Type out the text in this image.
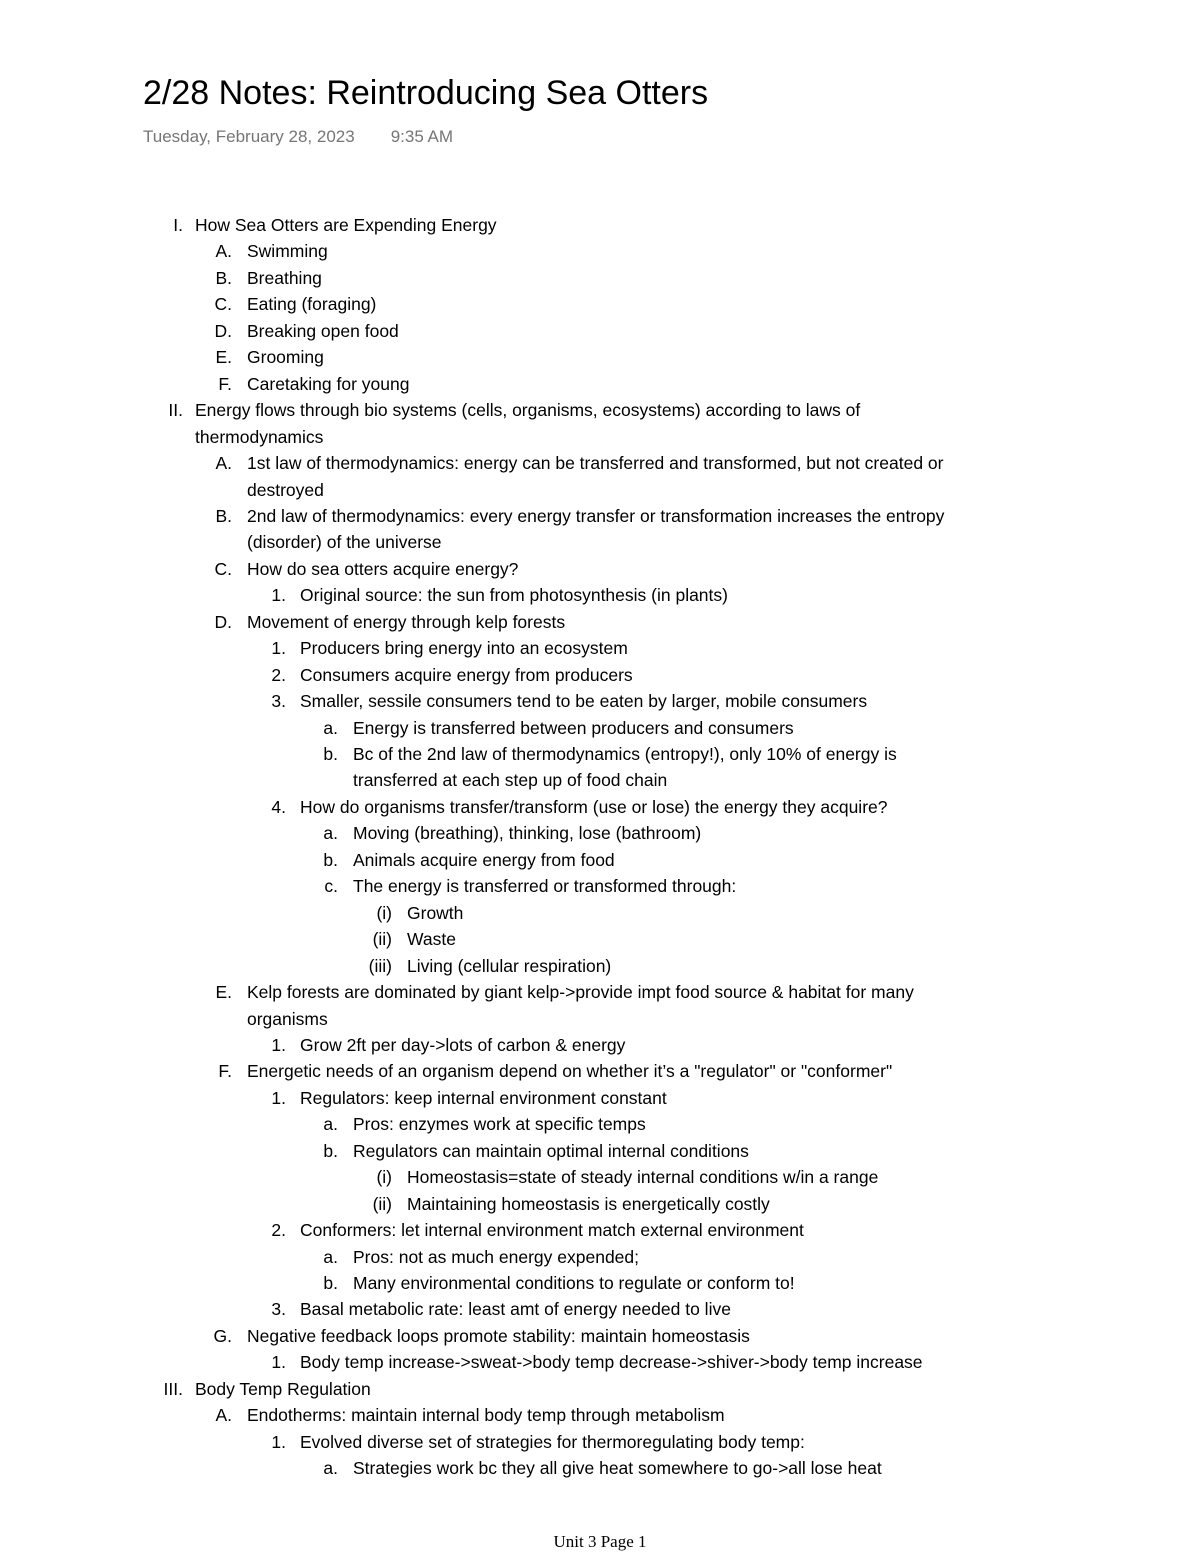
2/28 Notes: Reintroducing Sea Otters
Tuesday, February 28, 2023 9:35 AM
I. How Sea Otters are Expending Energy
A. Swimming
B. Breathing
C. Eating (foraging)
D. Breaking open food
E. Grooming
F. Caretaking for young
II. Energy flows through bio systems (cells, organisms, ecosystems) according to laws of
thermodynamics
A. 1st law of thermodynamics: energy can be transferred and transformed, but not created or
destroyed
B. 2nd law of thermodynamics: every energy transfer or transformation increases the entropy
(disorder) of the universe
C. How do sea otters acquire energy?
1. Original source: the sun from photosynthesis (in plants)
D. Movement of energy through kelp forests
1. Producers bring energy into an ecosystem
2. Consumers acquire energy from producers
3. Smaller, sessile consumers tend to be eaten by larger, mobile consumers
a. Energy is transferred between producers and consumers
b. Bc of the 2nd law of thermodynamics (entropy!), only 10% of energy is
transferred at each step up of food chain
4. How do organisms transfer/transform (use or lose) the energy they acquire?
a. Moving (breathing), thinking, lose (bathroom)
b. Animals acquire energy from food
c. The energy is transferred or transformed through:
(i) Growth
(ii) Waste
(iii) Living (cellular respiration)
E. Kelp forests are dominated by giant kelp->provide impt food source & habitat for many
organisms
1. Grow 2ft per day->lots of carbon & energy
F. Energetic needs of an organism depend on whether it’s a "regulator" or "conformer"
1. Regulators: keep internal environment constant
a. Pros: enzymes work at specific temps
b. Regulators can maintain optimal internal conditions
(i) Homeostasis=state of steady internal conditions w/in a range
(ii) Maintaining homeostasis is energetically costly
2. Conformers: let internal environment match external environment
a. Pros: not as much energy expended;
b. Many environmental conditions to regulate or conform to!
3. Basal metabolic rate: least amt of energy needed to live
G. Negative feedback loops promote stability: maintain homeostasis
1. Body temp increase->sweat->body temp decrease->shiver->body temp increase
III. Body Temp Regulation
A. Endotherms: maintain internal body temp through metabolism
1. Evolved diverse set of strategies for thermoregulating body temp:
a. Strategies work bc they all give heat somewhere to go->all lose heat
Unit 3 Page 1
